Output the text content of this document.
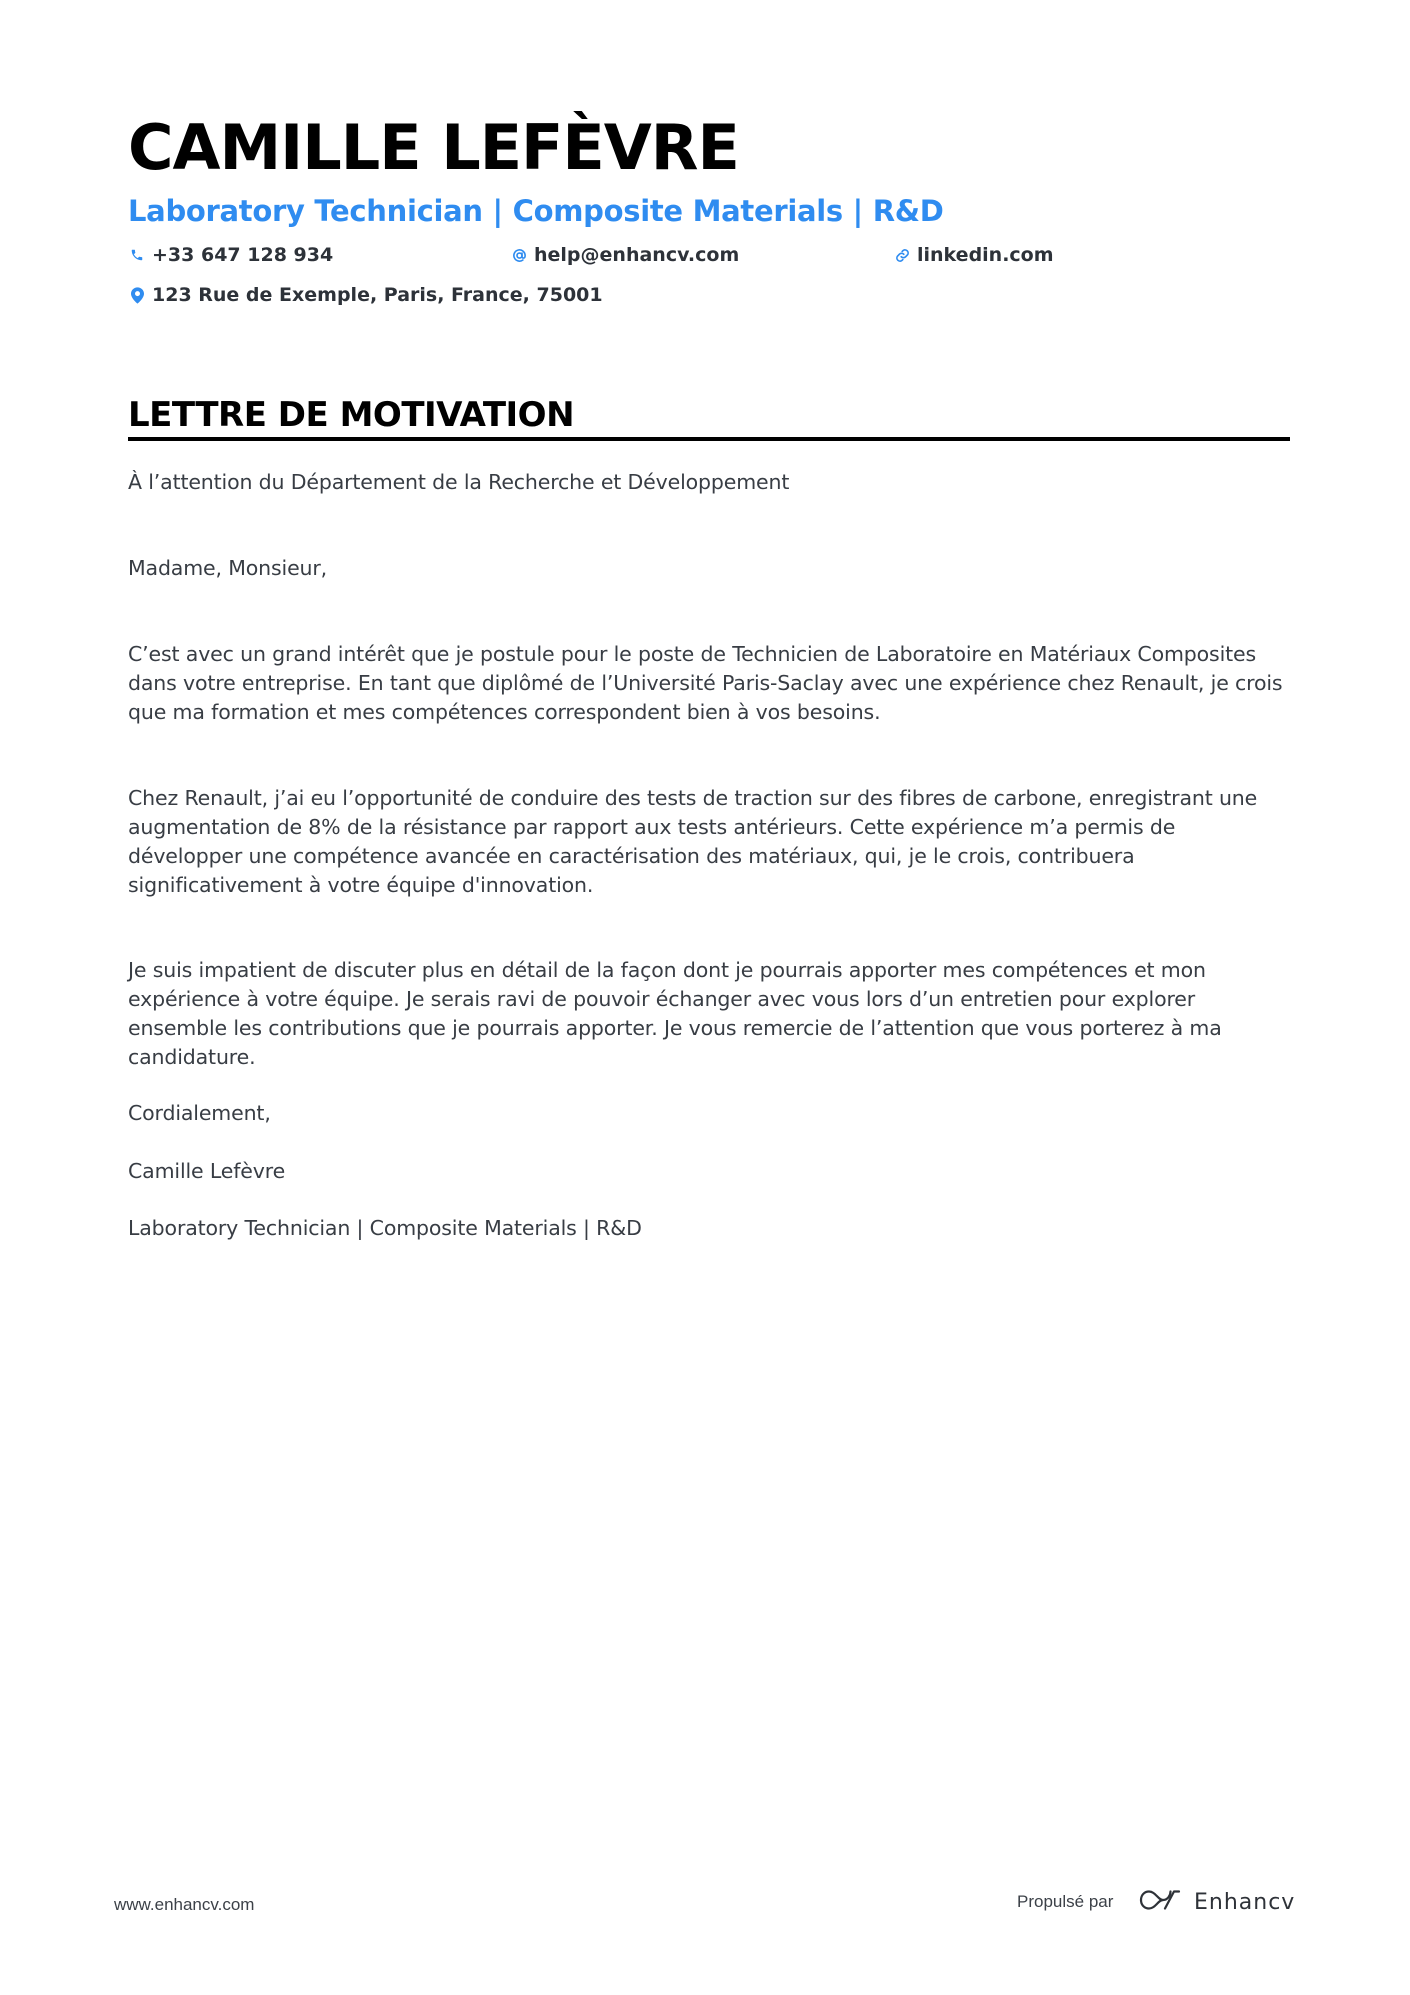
CAMILLE LEFÈVRE
Laboratory Technician | Composite Materials | R&D
+33 647 128 934	help@enhancv.com	linkedin.com
123 Rue de Exemple, Paris, France, 75001
LETTRE DE MOTIVATION
À l’attention du Département de la Recherche et Développement
Madame, Monsieur,
C’est avec un grand intérêt que je postule pour le poste de Technicien de Laboratoire en Matériaux Composites dans votre entreprise. En tant que diplômé de l’Université Paris-Saclay avec une expérience chez Renault, je crois que ma formation et mes compétences correspondent bien à vos besoins.
Chez Renault, j’ai eu l’opportunité de conduire des tests de traction sur des fibres de carbone, enregistrant une augmentation de 8% de la résistance par rapport aux tests antérieurs. Cette expérience m’a permis de développer une compétence avancée en caractérisation des matériaux, qui, je le crois, contribuera significativement à votre équipe d'innovation.
Je suis impatient de discuter plus en détail de la façon dont je pourrais apporter mes compétences et mon expérience à votre équipe. Je serais ravi de pouvoir échanger avec vous lors d’un entretien pour explorer ensemble les contributions que je pourrais apporter. Je vous remercie de l’attention que vous porterez à ma candidature.
Cordialement,
Camille Lefèvre
Laboratory Technician | Composite Materials | R&D
www.enhancv.com	Propulsé par	Enhancv
